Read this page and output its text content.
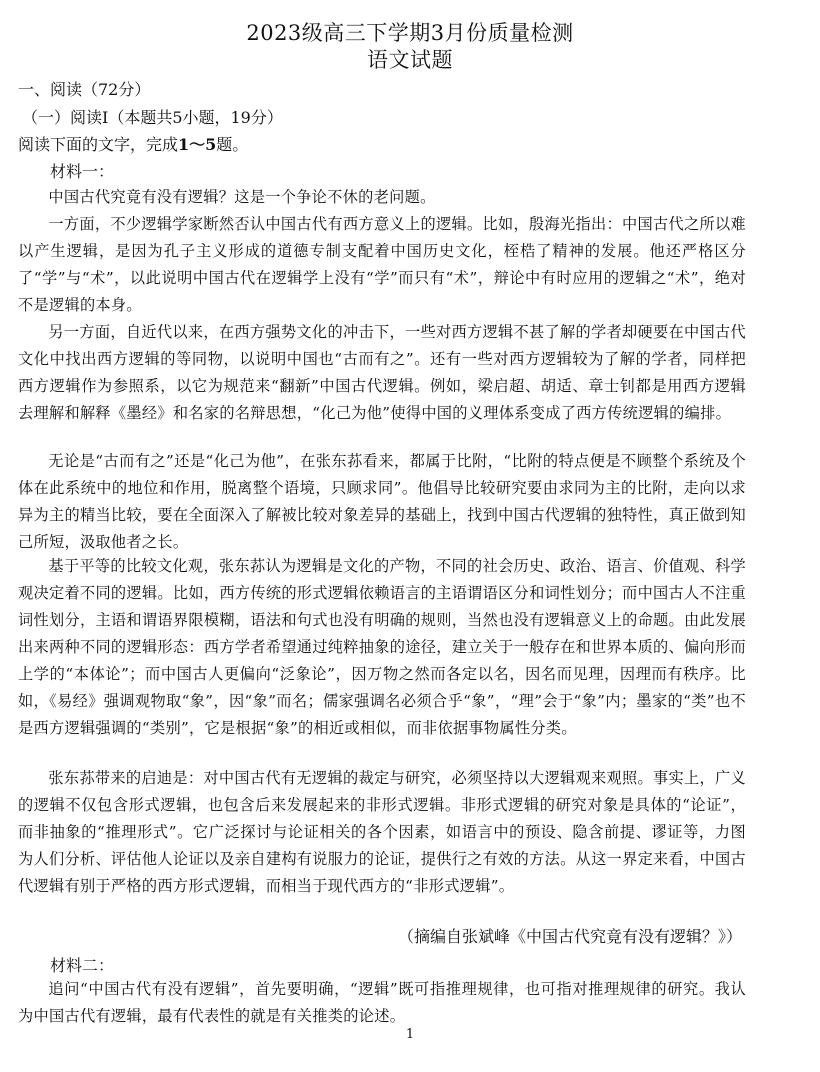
2023级高三下学期3月份质量检测
语文试题
一、阅读（72分）
（一）阅读Ⅰ（本题共5小题，19分）
阅读下面的文字，完成1～5题。
材料一：
中国古代究竟有没有逻辑？这是一个争论不休的老问题。
一方面，不少逻辑学家断然否认中国古代有西方意义上的逻辑。比如，殷海光指出：中国古代之所以难以产生逻辑，是因为孔子主义形成的道德专制支配着中国历史文化，桎梏了精神的发展。他还严格区分了“学”与“术”，以此说明中国古代在逻辑学上没有“学”而只有“术”，辩论中有时应用的逻辑之“术”，绝对不是逻辑的本身。
另一方面，自近代以来，在西方强势文化的冲击下，一些对西方逻辑不甚了解的学者却硬要在中国古代文化中找出西方逻辑的等同物，以说明中国也“古而有之”。还有一些对西方逻辑较为了解的学者，同样把西方逻辑作为参照系，以它为规范来“翻新”中国古代逻辑。例如，梁启超、胡适、章士钊都是用西方逻辑去理解和解释《墨经》和名家的名辩思想，“化己为他”使得中国的义理体系变成了西方传统逻辑的编排。
无论是“古而有之”还是“化己为他”，在张东荪看来，都属于比附，“比附的特点便是不顾整个系统及个体在此系统中的地位和作用，脱离整个语境，只顾求同”。他倡导比较研究要由求同为主的比附，走向以求异为主的精当比较，要在全面深入了解被比较对象差异的基础上，找到中国古代逻辑的独特性，真正做到知己所短，汲取他者之长。
基于平等的比较文化观，张东荪认为逻辑是文化的产物，不同的社会历史、政治、语言、价值观、科学观决定着不同的逻辑。比如，西方传统的形式逻辑依赖语言的主语谓语区分和词性划分；而中国古人不注重词性划分，主语和谓语界限模糊，语法和句式也没有明确的规则，当然也没有逻辑意义上的命题。由此发展出来两种不同的逻辑形态：西方学者希望通过纯粹抽象的途径，建立关于一般存在和世界本质的、偏向形而上学的“本体论”；而中国古人更偏向“泛象论”，因万物之然而各定以名，因名而见理，因理而有秩序。比如，《易经》强调观物取“象”，因“象”而名；儒家强调名必须合乎“象”，“理”会于“象”内；墨家的“类”也不是西方逻辑强调的“类别”，它是根据“象”的相近或相似，而非依据事物属性分类。
张东荪带来的启迪是：对中国古代有无逻辑的裁定与研究，必须坚持以大逻辑观来观照。事实上，广义的逻辑不仅包含形式逻辑，也包含后来发展起来的非形式逻辑。非形式逻辑的研究对象是具体的“论证”，而非抽象的“推理形式”。它广泛探讨与论证相关的各个因素，如语言中的预设、隐含前提、谬证等，力图为人们分析、评估他人论证以及亲自建构有说服力的论证，提供行之有效的方法。从这一界定来看，中国古代逻辑有别于严格的西方形式逻辑，而相当于现代西方的“非形式逻辑”。
（摘编自张斌峰《中国古代究竟有没有逻辑？》）
材料二：
追问“中国古代有没有逻辑”，首先要明确，“逻辑”既可指推理规律，也可指对推理规律的研究。我认为中国古代有逻辑，最有代表性的就是有关推类的论述。
1
